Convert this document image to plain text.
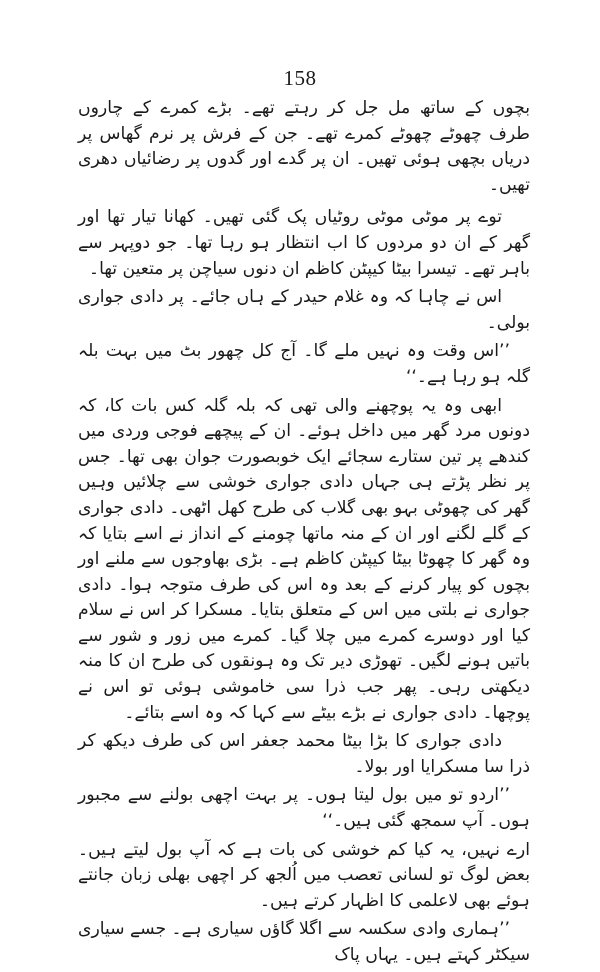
158

بچوں کے ساتھ مل جل کر رہتے تھے۔ بڑے کمرے کے چاروں طرف چھوٹے چھوٹے کمرے تھے۔ جن کے فرش پر نرم گھاس پر دریاں بچھی ہوئی تھیں۔ ان پر گدے اور گدوں پر رضائیاں دھری تھیں۔

توے پر موٹی موٹی روٹیاں پک گئی تھیں۔ کھانا تیار تھا اور گھر کے ان دو مردوں کا اب انتظار ہو رہا تھا۔ جو دوپہر سے باہر تھے۔ تیسرا بیٹا کیپٹن کاظم ان دنوں سیاچن پر متعین تھا۔

اس نے چاہا کہ وہ غلام حیدر کے ہاں جائے۔ پر دادی جواری بولی۔

’’اس وقت وہ نہیں ملے گا۔ آج کل چھور بٹ میں بہت بلہ گلہ ہو رہا ہے۔‘‘

ابھی وہ یہ پوچھنے والی تھی کہ بلہ گلہ کس بات کا، کہ دونوں مرد گھر میں داخل ہوئے۔ ان کے پیچھے فوجی وردی میں کندھے پر تین ستارے سجائے ایک خوبصورت جوان بھی تھا۔ جس پر نظر پڑتے ہی جہاں دادی جواری خوشی سے چلائیں وہیں گھر کی چھوٹی بہو بھی گلاب کی طرح کھل اٹھی۔ دادی جواری کے گلے لگنے اور ان کے منہ ماتھا چومنے کے انداز نے اسے بتایا کہ وہ گھر کا چھوٹا بیٹا کیپٹن کاظم ہے۔ بڑی بھاوجوں سے ملنے اور بچوں کو پیار کرنے کے بعد وہ اس کی طرف متوجہ ہوا۔ دادی جواری نے بلتی میں اس کے متعلق بتایا۔ مسکرا کر اس نے سلام کیا اور دوسرے کمرے میں چلا گیا۔ کمرے میں زور و شور سے باتیں ہونے لگیں۔ تھوڑی دیر تک وہ ہونقوں کی طرح ان کا منہ دیکھتی رہی۔ پھر جب ذرا سی خاموشی ہوئی تو اس نے پوچھا۔ دادی جواری نے بڑے بیٹے سے کہا کہ وہ اسے بتائے۔

دادی جواری کا بڑا بیٹا محمد جعفر اس کی طرف دیکھ کر ذرا سا مسکرایا اور بولا۔

’’اردو تو میں بول لیتا ہوں۔ پر بہت اچھی بولنے سے مجبور ہوں۔ آپ سمجھ گئی ہیں۔‘‘

ارے نہیں، یہ کیا کم خوشی کی بات ہے کہ آپ بول لیتے ہیں۔ بعض لوگ تو لسانی تعصب میں اُلجھ کر اچھی بھلی زبان جانتے ہوئے بھی لاعلمی کا اظہار کرتے ہیں۔

’’ہماری وادی سکسہ سے اگلا گاؤں سیاری ہے۔ جسے سیاری سیکٹر کہتے ہیں۔ یہاں پاک
